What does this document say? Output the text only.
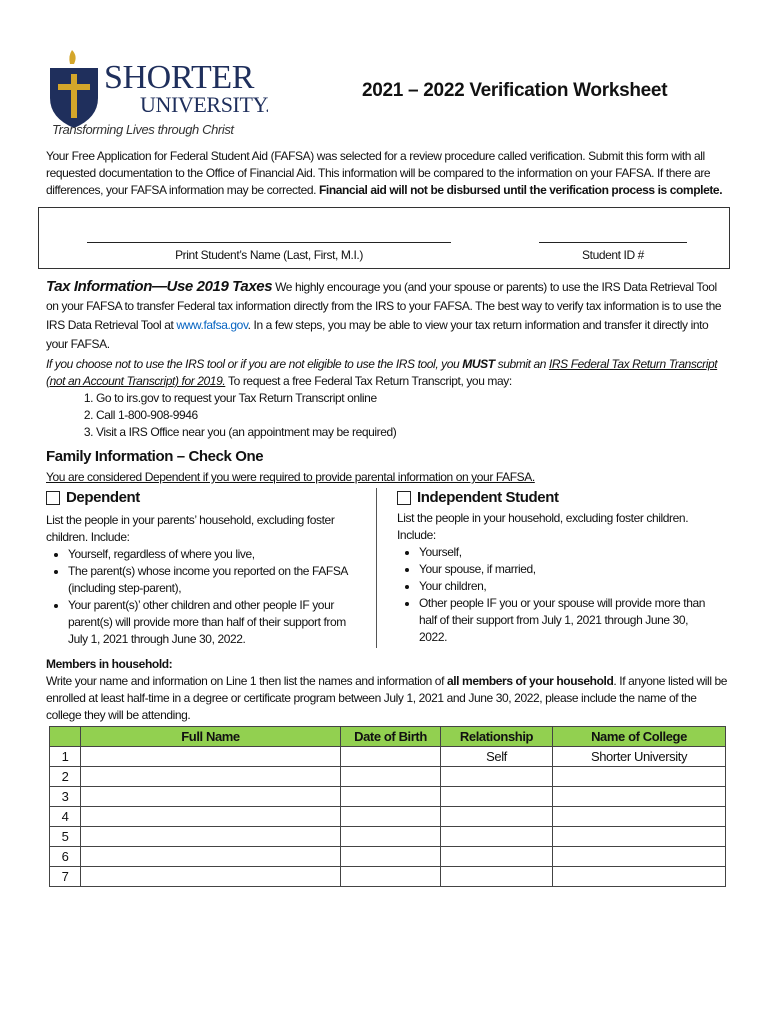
SHORTER
UNIVERSITY.
Transforming Lives through Christ
2021 – 2022 Verification Worksheet

Your Free Application for Federal Student Aid (FAFSA) was selected for a review procedure called verification. Submit this form with all requested documentation to the Office of Financial Aid. This information will be compared to the information on your FAFSA. If there are differences, your FAFSA information may be corrected. Financial aid will not be disbursed until the verification process is complete.

Print Student’s Name (Last, First, M.I.)	Student ID #

Tax Information—Use 2019 Taxes We highly encourage you (and your spouse or parents) to use the IRS Data Retrieval Tool on your FAFSA to transfer Federal tax information directly from the IRS to your FAFSA. The best way to verify tax information is to use the IRS Data Retrieval Tool at www.fafsa.gov. In a few steps, you may be able to view your tax return information and transfer it directly into your FAFSA.

If you choose not to use the IRS tool or if you are not eligible to use the IRS tool, you MUST submit an IRS Federal Tax Return Transcript (not an Account Transcript) for 2019. To request a free Federal Tax Return Transcript, you may:

1. Go to irs.gov to request your Tax Return Transcript online
2. Call 1-800-908-9946
3. Visit a IRS Office near you (an appointment may be required)
Family Information – Check One
You are considered Dependent if you were required to provide parental information on your FAFSA.
Dependent

List the people in your parents’ household, excluding foster children. Include:

• Yourself, regardless of where you live,
• The parent(s) whose income you reported on the FAFSA (including step-parent),
• Your parent(s)’ other children and other people IF your parent(s) will provide more than half of their support from July 1, 2021 through June 30, 2022.
Independent Student

List the people in your household, excluding foster children. Include:

• Yourself,
• Your spouse, if married,
• Your children,
• Other people IF you or your spouse will provide more than half of their support from July 1, 2021 through June 30, 2022.
Members in household:

Write your name and information on Line 1 then list the names and information of all members of your household. If anyone listed will be enrolled at least half-time in a degree or certificate program between July 1, 2021 and June 30, 2022, please include the name of the college they will be attending.

	Full Name	Date of Birth	Relationship	Name of College
1			Self	Shorter University
2				
3				
4				
5				
6				
7				
